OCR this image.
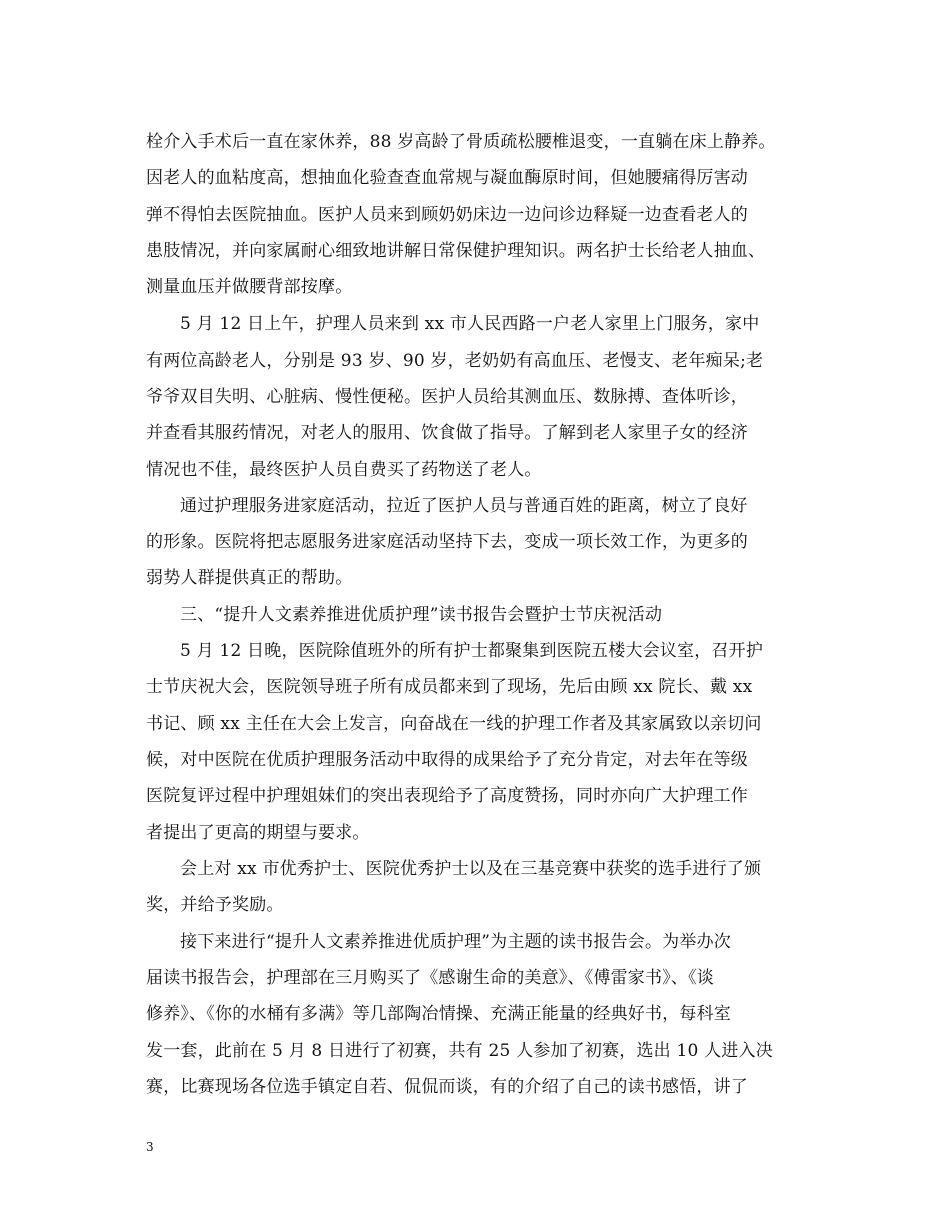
栓介入手术后一直在家休养，88 岁高龄了骨质疏松腰椎退变，一直躺在床上静养。
因老人的血粘度高，想抽血化验查查血常规与凝血酶原时间，但她腰痛得厉害动
弹不得怕去医院抽血。医护人员来到顾奶奶床边一边问诊边释疑一边查看老人的
患肢情况，并向家属耐心细致地讲解日常保健护理知识。两名护士长给老人抽血、
测量血压并做腰背部按摩。
5 月 12 日上午，护理人员来到 xx 市人民西路一户老人家里上门服务，家中
有两位高龄老人，分别是 93 岁、90 岁，老奶奶有高血压、老慢支、老年痴呆;老
爷爷双目失明、心脏病、慢性便秘。医护人员给其测血压、数脉搏、查体听诊，
并查看其服药情况，对老人的服用、饮食做了指导。了解到老人家里子女的经济
情况也不佳，最终医护人员自费买了药物送了老人。
通过护理服务进家庭活动，拉近了医护人员与普通百姓的距离，树立了良好
的形象。医院将把志愿服务进家庭活动坚持下去，变成一项长效工作，为更多的
弱势人群提供真正的帮助。
三、“提升人文素养推进优质护理”读书报告会暨护士节庆祝活动
5 月 12 日晚，医院除值班外的所有护士都聚集到医院五楼大会议室，召开护
士节庆祝大会，医院领导班子所有成员都来到了现场，先后由顾 xx 院长、戴 xx
书记、顾 xx 主任在大会上发言，向奋战在一线的护理工作者及其家属致以亲切问
候，对中医院在优质护理服务活动中取得的成果给予了充分肯定，对去年在等级
医院复评过程中护理姐妹们的突出表现给予了高度赞扬，同时亦向广大护理工作
者提出了更高的期望与要求。
会上对 xx 市优秀护士、医院优秀护士以及在三基竞赛中获奖的选手进行了颁
奖，并给予奖励。
接下来进行“提升人文素养推进优质护理”为主题的读书报告会。为举办次
届读书报告会，护理部在三月购买了《感谢生命的美意》、《傅雷家书》、《谈
修养》、《你的水桶有多满》等几部陶冶情操、充满正能量的经典好书，每科室
发一套，此前在 5 月 8 日进行了初赛，共有 25 人参加了初赛，选出 10 人进入决
赛，比赛现场各位选手镇定自若、侃侃而谈，有的介绍了自己的读书感悟，讲了
3
